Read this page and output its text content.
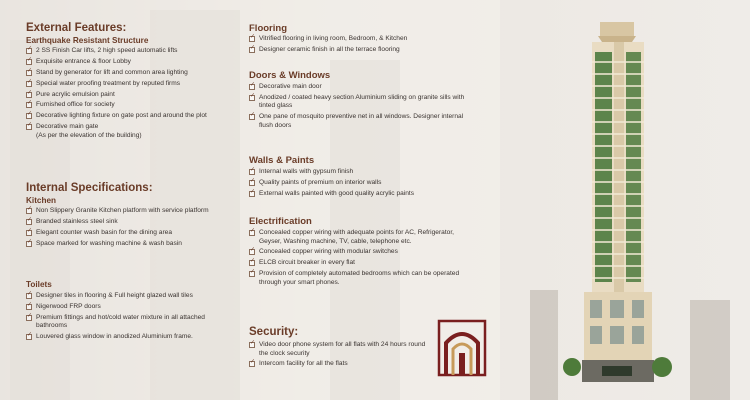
External Features:
Earthquake Resistant Structure
✓ 2 SS Finish Car lifts, 2 high speed automatic lifts
✓ Exquisite entrance & floor Lobby
✓ Stand by generator for lift and common area lighting
✓ Special water proofing treatment by reputed firms
✓ Pure acrylic emulsion paint
✓ Furnished office for society
✓ Decorative lighting fixture on gate post and around the plot
✓ Decorative main gate
(As per the elevation of the building)
Internal Specifications:
Kitchen
✓ Non Slippery Granite Kitchen platform with service platform
✓ Branded stainless steel sink
✓ Elegant counter wash basin for the dining area
✓ Space marked for washing machine & wash basin
Toilets
✓ Designer tiles in flooring & Full height glazed wall tiles
✓ Nigerwood FRP doors
✓ Premium fittings and hot/cold water mixture in all attached bathrooms
✓ Louvered glass window in anodized Aluminium frame.
Flooring
✓ Vitrified flooring in living room, Bedroom, & Kitchen
✓ Designer ceramic finish in all the terrace flooring
Doors & Windows
✓ Decorative main door
✓ Anodized / coated heavy section Aluminium sliding on granite sills with tinted glass
✓ One pane of mosquito preventive net in all windows. Designer internal flush doors
Walls & Paints
✓ Internal walls with gypsum finish
✓ Quality paints of premium on interior walls
✓ External walls painted with good quality acrylic paints
Electrification
✓ Concealed copper wiring with adequate points for AC, Refrigerator, Geyser, Washing machine, TV, cable, telephone etc.
✓ Concealed copper wiring with modular switches
✓ ELCB circuit breaker in every flat
✓ Provision of completely automated bedrooms which can be operated through your smart phones.
Security:
✓ Video door phone system for all flats with 24 hours round the clock security
✓ Intercom facility for all the flats
